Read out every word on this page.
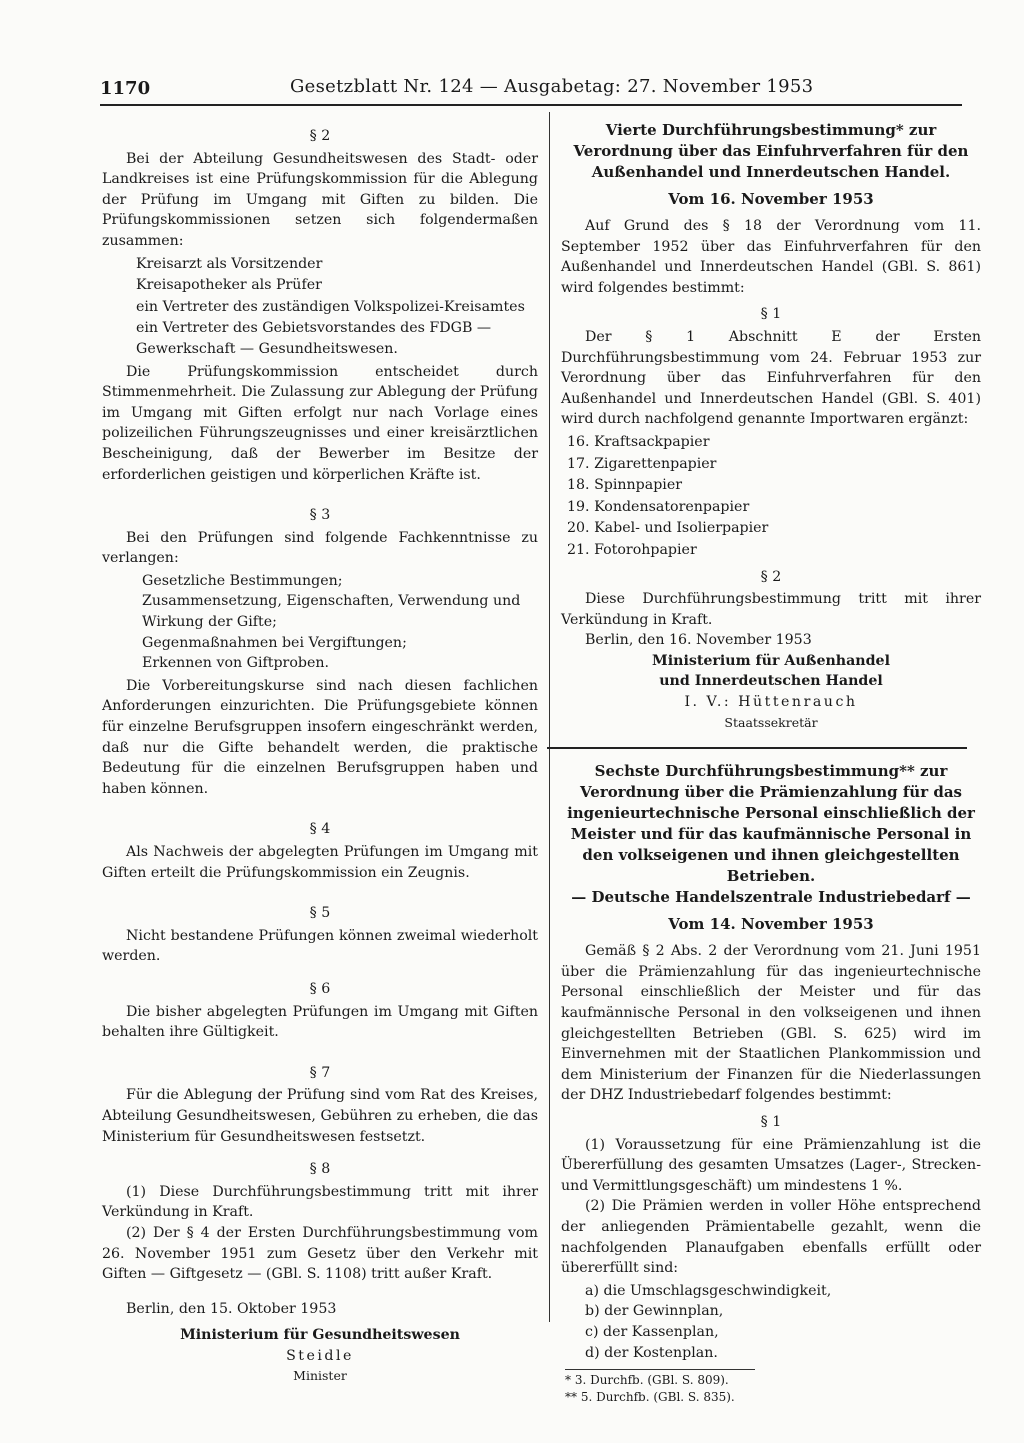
1170	Gesetzblatt Nr. 124 — Ausgabetag: 27. November 1953

§ 2

Bei der Abteilung Gesundheitswesen des Stadt- oder Landkreises ist eine Prüfungskommission für die Ablegung der Prüfung im Umgang mit Giften zu bilden. Die Prüfungskommissionen setzen sich folgendermaßen zusammen:

Kreisarzt als Vorsitzender
Kreisapotheker als Prüfer
ein Vertreter des zuständigen Volkspolizei-Kreisamtes
ein Vertreter des Gebietsvorstandes des FDGB — Gewerkschaft — Gesundheitswesen.

Die Prüfungskommission entscheidet durch Stimmenmehrheit. Die Zulassung zur Ablegung der Prüfung im Umgang mit Giften erfolgt nur nach Vorlage eines polizeilichen Führungszeugnisses und einer kreisärztlichen Bescheinigung, daß der Bewerber im Besitze der erforderlichen geistigen und körperlichen Kräfte ist.

§ 3

Bei den Prüfungen sind folgende Fachkenntnisse zu verlangen:

Gesetzliche Bestimmungen;
Zusammensetzung, Eigenschaften, Verwendung und Wirkung der Gifte;
Gegenmaßnahmen bei Vergiftungen;
Erkennen von Giftproben.

Die Vorbereitungskurse sind nach diesen fachlichen Anforderungen einzurichten. Die Prüfungsgebiete können für einzelne Berufsgruppen insofern eingeschränkt werden, daß nur die Gifte behandelt werden, die praktische Bedeutung für die einzelnen Berufsgruppen haben und haben können.

§ 4

Als Nachweis der abgelegten Prüfungen im Umgang mit Giften erteilt die Prüfungskommission ein Zeugnis.

§ 5

Nicht bestandene Prüfungen können zweimal wiederholt werden.

§ 6

Die bisher abgelegten Prüfungen im Umgang mit Giften behalten ihre Gültigkeit.

§ 7

Für die Ablegung der Prüfung sind vom Rat des Kreises, Abteilung Gesundheitswesen, Gebühren zu erheben, die das Ministerium für Gesundheitswesen festsetzt.

§ 8

(1) Diese Durchführungsbestimmung tritt mit ihrer Verkündung in Kraft.

(2) Der § 4 der Ersten Durchführungsbestimmung vom 26. November 1951 zum Gesetz über den Verkehr mit Giften — Giftgesetz — (GBl. S. 1108) tritt außer Kraft.

Berlin, den 15. Oktober 1953

Ministerium für Gesundheitswesen

Steidle

Minister

Vierte Durchführungsbestimmung* zur Verordnung über das Einfuhrverfahren für den Außenhandel und Innerdeutschen Handel.

Vom 16. November 1953

Auf Grund des § 18 der Verordnung vom 11. September 1952 über das Einfuhrverfahren für den Außenhandel und Innerdeutschen Handel (GBl. S. 861) wird folgendes bestimmt:

§ 1

Der § 1 Abschnitt E der Ersten Durchführungsbestimmung vom 24. Februar 1953 zur Verordnung über das Einfuhrverfahren für den Außenhandel und Innerdeutschen Handel (GBl. S. 401) wird durch nachfolgend genannte Importwaren ergänzt:

16. Kraftsackpapier
17. Zigarettenpapier
18. Spinnpapier
19. Kondensatorenpapier
20. Kabel- und Isolierpapier
21. Fotorohpapier

§ 2

Diese Durchführungsbestimmung tritt mit ihrer Verkündung in Kraft.

Berlin, den 16. November 1953

Ministerium für Außenhandel

und Innerdeutschen Handel

I. V.: Hüttenrauch

Staatssekretär

Sechste Durchführungsbestimmung** zur Verordnung über die Prämienzahlung für das ingenieurtechnische Personal einschließlich der Meister und für das kaufmännische Personal in den volkseigenen und ihnen gleichgestellten Betrieben.

— Deutsche Handelszentrale Industriebedarf —

Vom 14. November 1953

Gemäß § 2 Abs. 2 der Verordnung vom 21. Juni 1951 über die Prämienzahlung für das ingenieurtechnische Personal einschließlich der Meister und für das kaufmännische Personal in den volkseigenen und ihnen gleichgestellten Betrieben (GBl. S. 625) wird im Einvernehmen mit der Staatlichen Plankommission und dem Ministerium der Finanzen für die Niederlassungen der DHZ Industriebedarf folgendes bestimmt:

§ 1

(1) Voraussetzung für eine Prämienzahlung ist die Übererfüllung des gesamten Umsatzes (Lager-, Strecken- und Vermittlungsgeschäft) um mindestens 1 %.

(2) Die Prämien werden in voller Höhe entsprechend der anliegenden Prämientabelle gezahlt, wenn die nachfolgenden Planaufgaben ebenfalls erfüllt oder übererfüllt sind:

a) die Umschlagsgeschwindigkeit,
b) der Gewinnplan,
c) der Kassenplan,
d) der Kostenplan.

* 3. Durchfb. (GBl. S. 809).

** 5. Durchfb. (GBl. S. 835).
